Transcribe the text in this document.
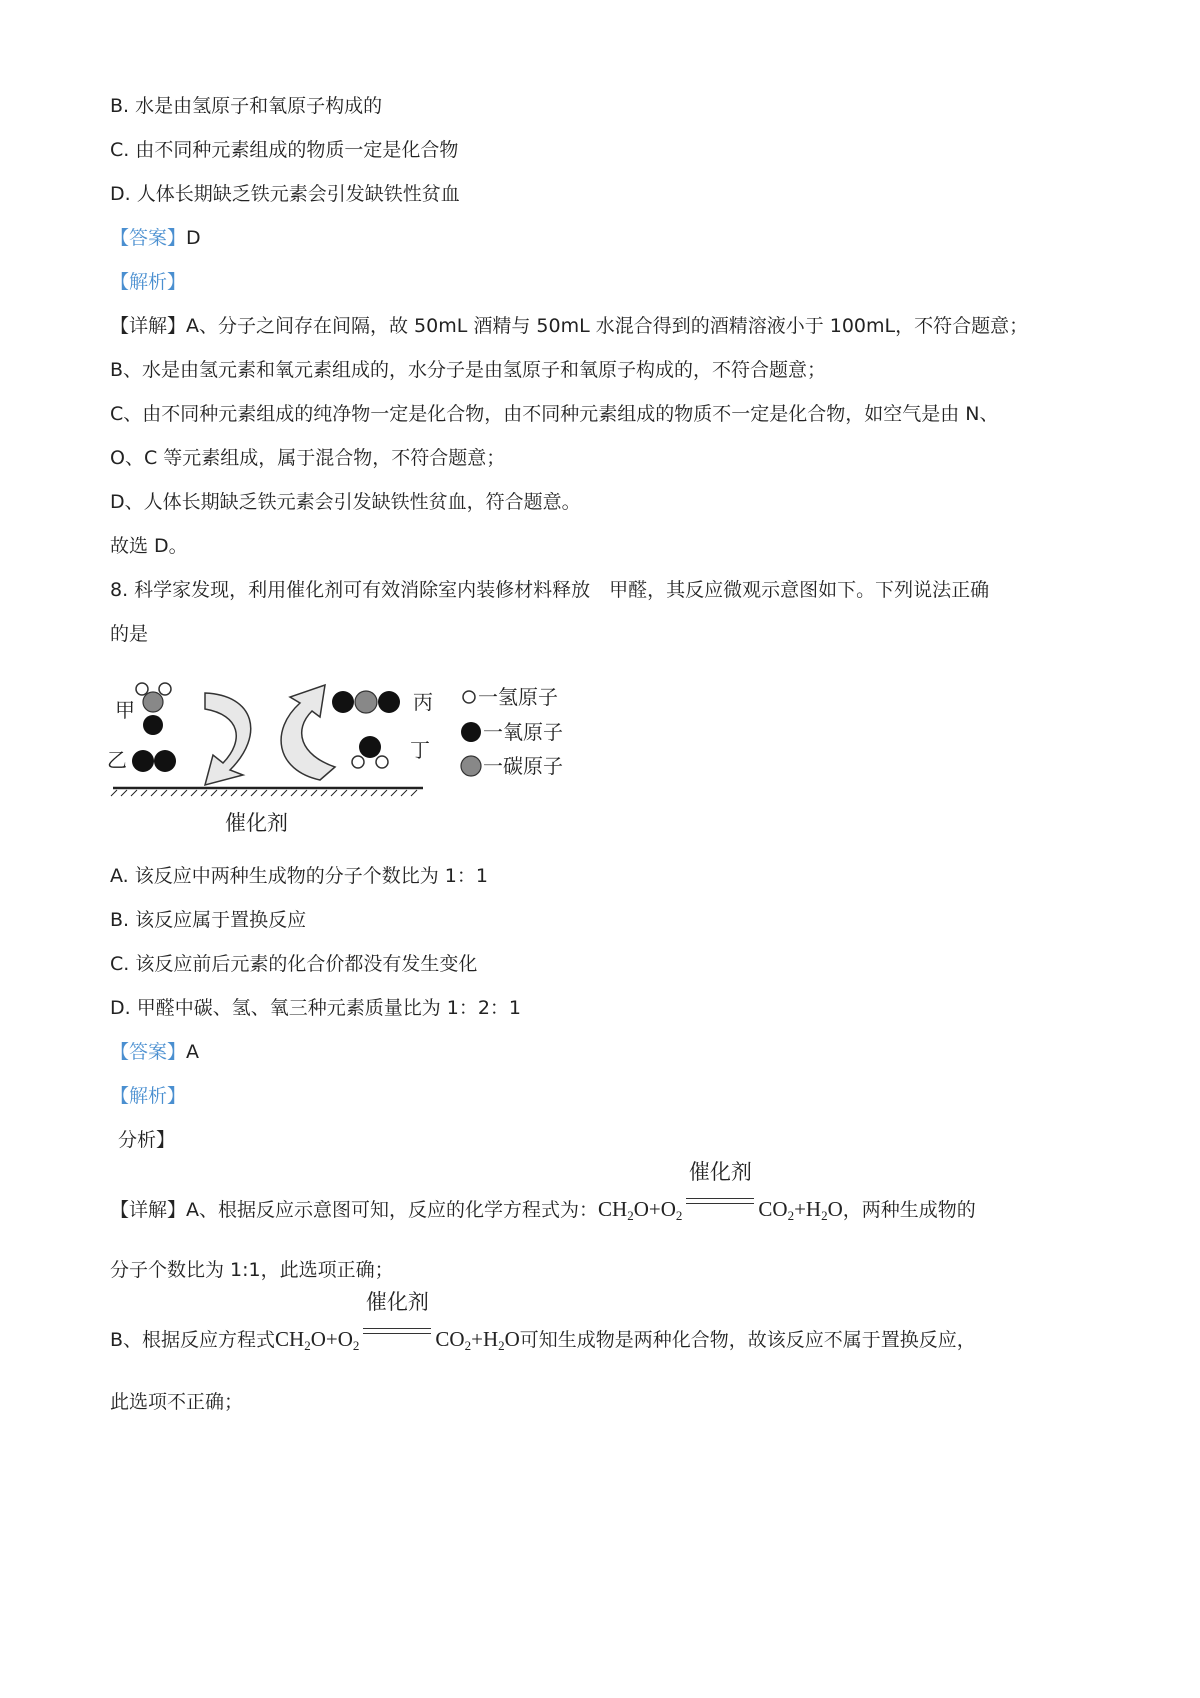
B. 水是由氢原子和氧原子构成的
C. 由不同种元素组成的物质一定是化合物
D. 人体长期缺乏铁元素会引发缺铁性贫血
【答案】D
【解析】
【详解】A、分子之间存在间隔，故 50mL 酒精与 50mL 水混合得到的酒精溶液小于 100mL，不符合题意；
B、水是由氢元素和氧元素组成的，水分子是由氢原子和氧原子构成的，不符合题意；
C、由不同种元素组成的纯净物一定是化合物，由不同种元素组成的物质不一定是化合物，如空气是由 N、
O、C 等元素组成，属于混合物，不符合题意；
D、人体长期缺乏铁元素会引发缺铁性贫血，符合题意。
故选 D。
8. 科学家发现，利用催化剂可有效消除室内装修材料释放　甲醛，其反应微观示意图如下。下列说法正确
的是
甲
乙
丙
丁
催化剂
一氢原子
一氧原子
一碳原子
A. 该反应中两种生成物的分子个数比为 1：1
B. 该反应属于置换反应
C. 该反应前后元素的化合价都没有发生变化
D. 甲醛中碳、氢、氧三种元素质量比为 1：2：1
【答案】A
【解析】
分析】
【详解】A、根据反应示意图可知，反应的化学方程式为：$CH_2O+O_2$
催化剂
$CO_2+H_2O$，两种生成物的
分子个数比为 1:1，此选项正确；
B、根据反应方程式$CH_2O+O_2$
催化剂
$CO_2+H_2O$可知生成物是两种化合物，故该反应不属于置换反应，
此选项不正确；
